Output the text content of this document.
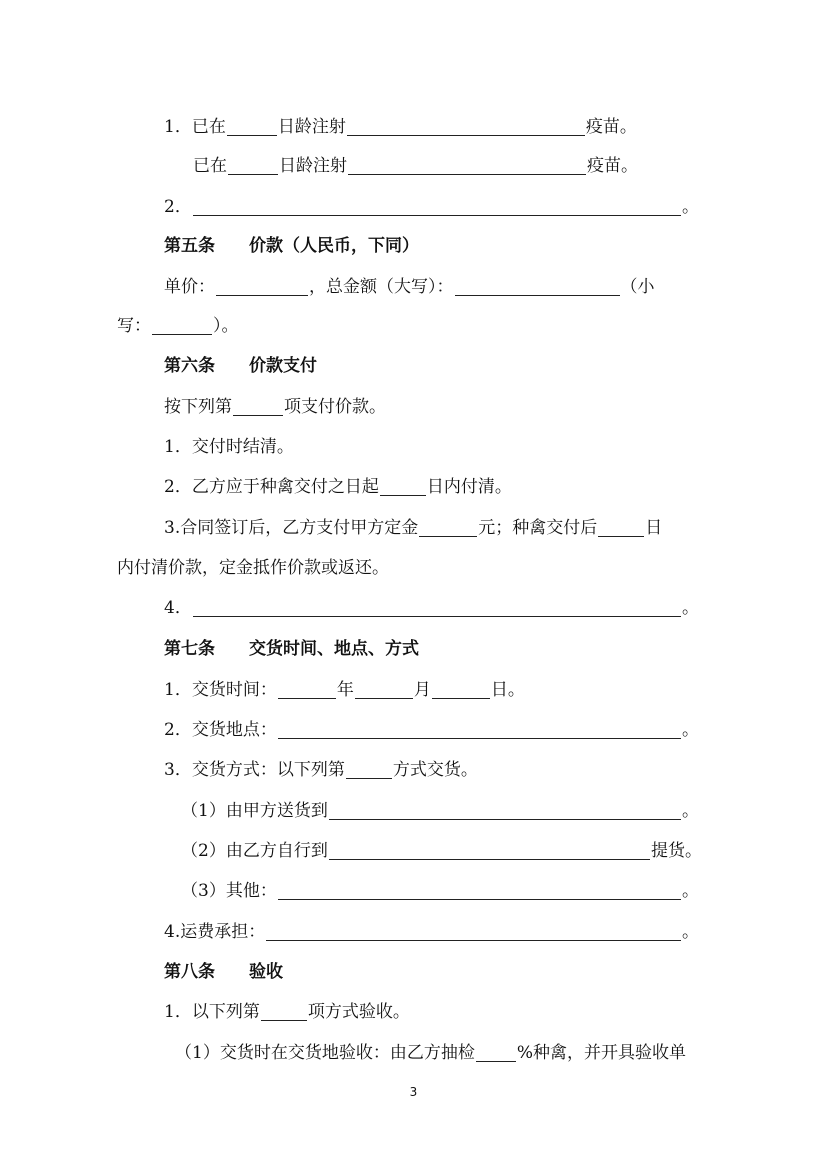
1． 已在	日龄注射	疫苗。
已在	日龄注射	疫苗。
2．	。
第五条 价款（人民币，下同）
单价：	，总金额（大写）：	（小
写：	）。
第六条 价款支付
按下列第	项支付价款。
1．交付时结清。
2．乙方应于种禽交付之日起	日内付清。
3.合同签订后，乙方支付甲方定金	元；种禽交付后	日
内付清价款，定金抵作价款或返还。
4．	。
第七条 交货时间、地点、方式
1．交货时间：	年	月	日。
2．交货地点：	。
3．交货方式：以下列第	方式交货。
（1）由甲方送货到	。
（2）由乙方自行到	提货。
（3）其他：	。
4.运费承担：	。
第八条 验收
1．以下列第	项方式验收。
（1）交货时在交货地验收：由乙方抽检 %种禽，并开具验收单
3
